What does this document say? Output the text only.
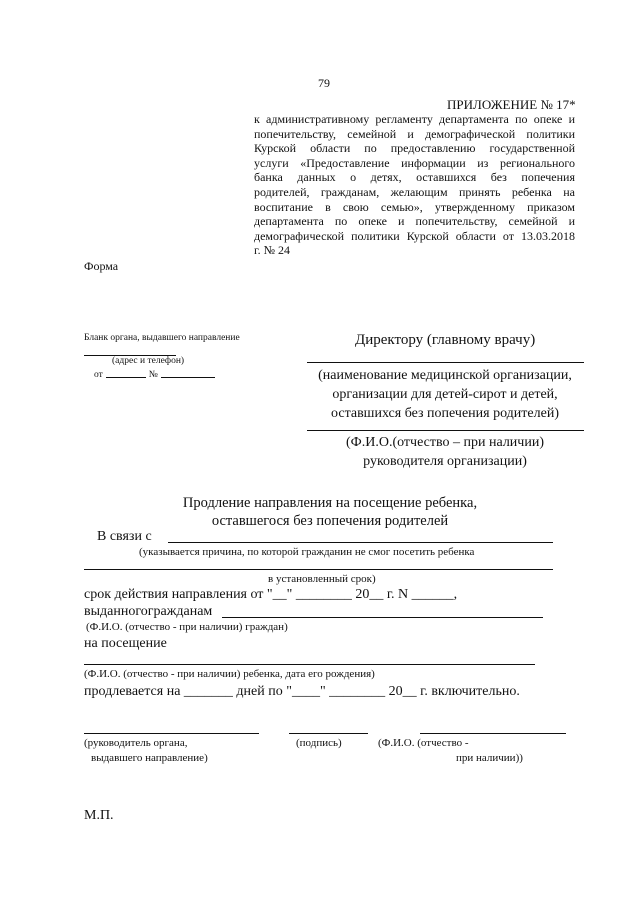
79
ПРИЛОЖЕНИЕ № 17*
к административному регламенту департамента по опеке и
попечительству, семейной и демографической политики
Курской области по предоставлению государственной
услуги «Предоставление информации из регионального
банка данных о детях, оставшихся без попечения
родителей, гражданам, желающим принять ребенка на
воспитание в свою семью», утвержденному приказом
департамента по опеке и попечительству, семейной и
демографической политики Курской области от 13.03.2018
г. № 24
Форма
Бланк органа, выдавшего направление
(адрес и телефон)
от	№
Директору (главному врачу)
(наименование медицинской организации,
организации для детей-сирот и детей,
оставшихся без попечения родителей)
(Ф.И.О.(отчество – при наличии)
руководителя организации)
Продление направления на посещение ребенка,
оставшегося без попечения родителей
В связи с
(указывается причина, по которой гражданин не смог посетить ребенка
в установленный срок)
срок действия направления от "__" ________ 20__ г. N ______,
выданногогражданам
(Ф.И.О. (отчество - при наличии) граждан)
на посещение
(Ф.И.О. (отчество - при наличии) ребенка, дата его рождения)
продлевается на _______ дней по "____" ________ 20__ г. включительно.
(руководитель органа,
выдавшего направление)
(подпись)	(Ф.И.О. (отчество -
при наличии))
М.П.
